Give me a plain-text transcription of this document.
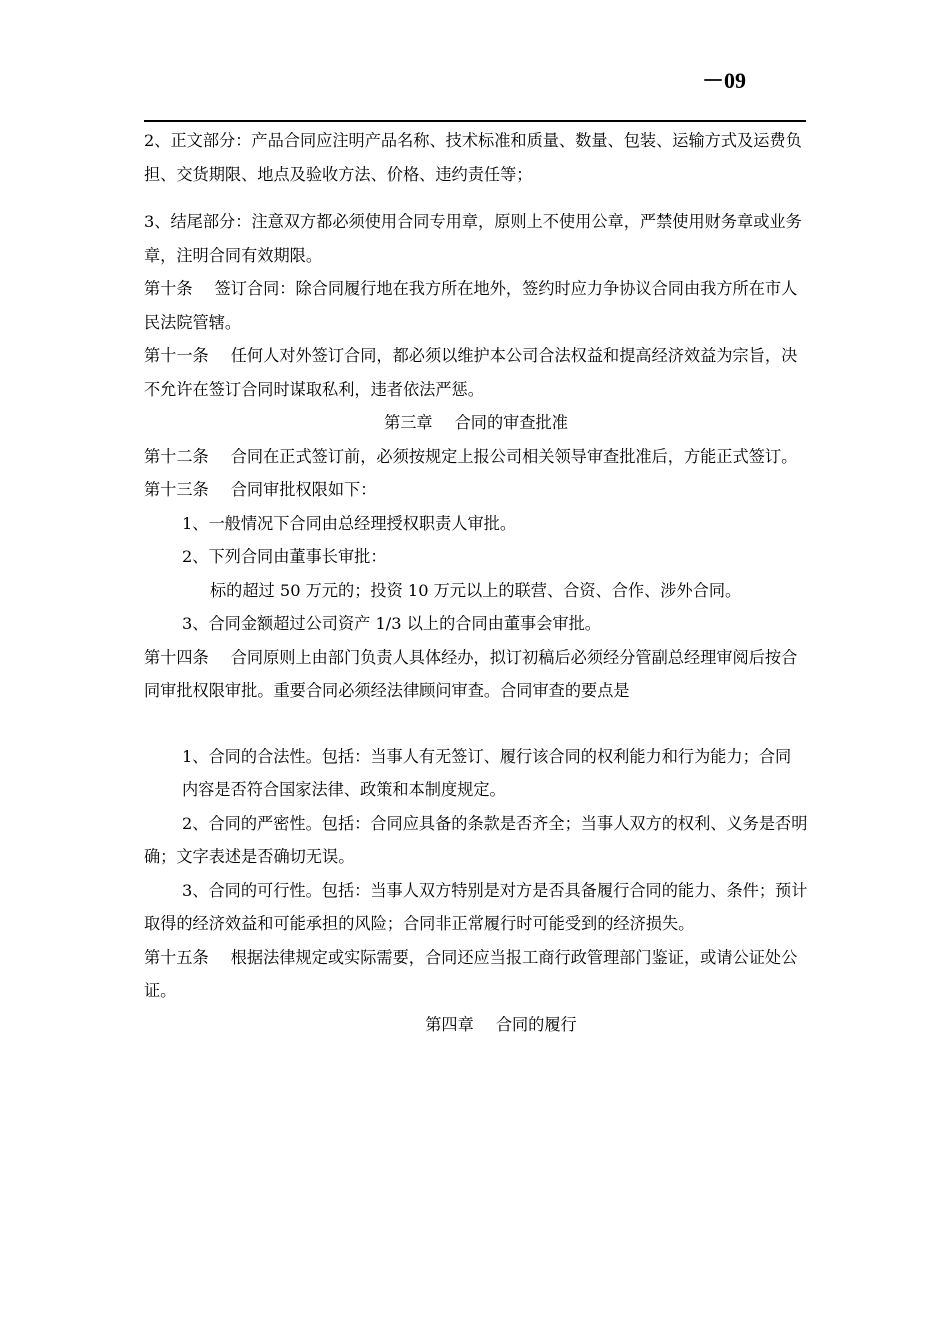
－09

2、正文部分：产品合同应注明产品名称、技术标准和质量、数量、包装、运输方式及运费负担、交货期限、地点及验收方法、价格、违约责任等；

3、结尾部分：注意双方都必须使用合同专用章，原则上不使用公章，严禁使用财务章或业务章，注明合同有效期限。

第十条 签订合同：除合同履行地在我方所在地外，签约时应力争协议合同由我方所在市人民法院管辖。

第十一条 任何人对外签订合同，都必须以维护本公司合法权益和提高经济效益为宗旨，决不允许在签订合同时谋取私利，违者依法严惩。

第三章 合同的审查批准

第十二条 合同在正式签订前，必须按规定上报公司相关领导审查批准后，方能正式签订。

第十三条 合同审批权限如下：

1、一般情况下合同由总经理授权职责人审批。

2、下列合同由董事长审批：

标的超过 50 万元的；投资 10 万元以上的联营、合资、合作、涉外合同。

3、合同金额超过公司资产 1/3 以上的合同由董事会审批。

第十四条 合同原则上由部门负责人具体经办，拟订初稿后必须经分管副总经理审阅后按合同审批权限审批。重要合同必须经法律顾问审查。合同审查的要点是

1、合同的合法性。包括：当事人有无签订、履行该合同的权利能力和行为能力；合同 内容是否符合国家法律、政策和本制度规定。

2、合同的严密性。包括：合同应具备的条款是否齐全；当事人双方的权利、义务是否明确；文字表述是否确切无误。

3、合同的可行性。包括：当事人双方特别是对方是否具备履行合同的能力、条件；预计取得的经济效益和可能承担的风险；合同非正常履行时可能受到的经济损失。

第十五条 根据法律规定或实际需要，合同还应当报工商行政管理部门鉴证，或请公证处公证。

第四章 合同的履行
